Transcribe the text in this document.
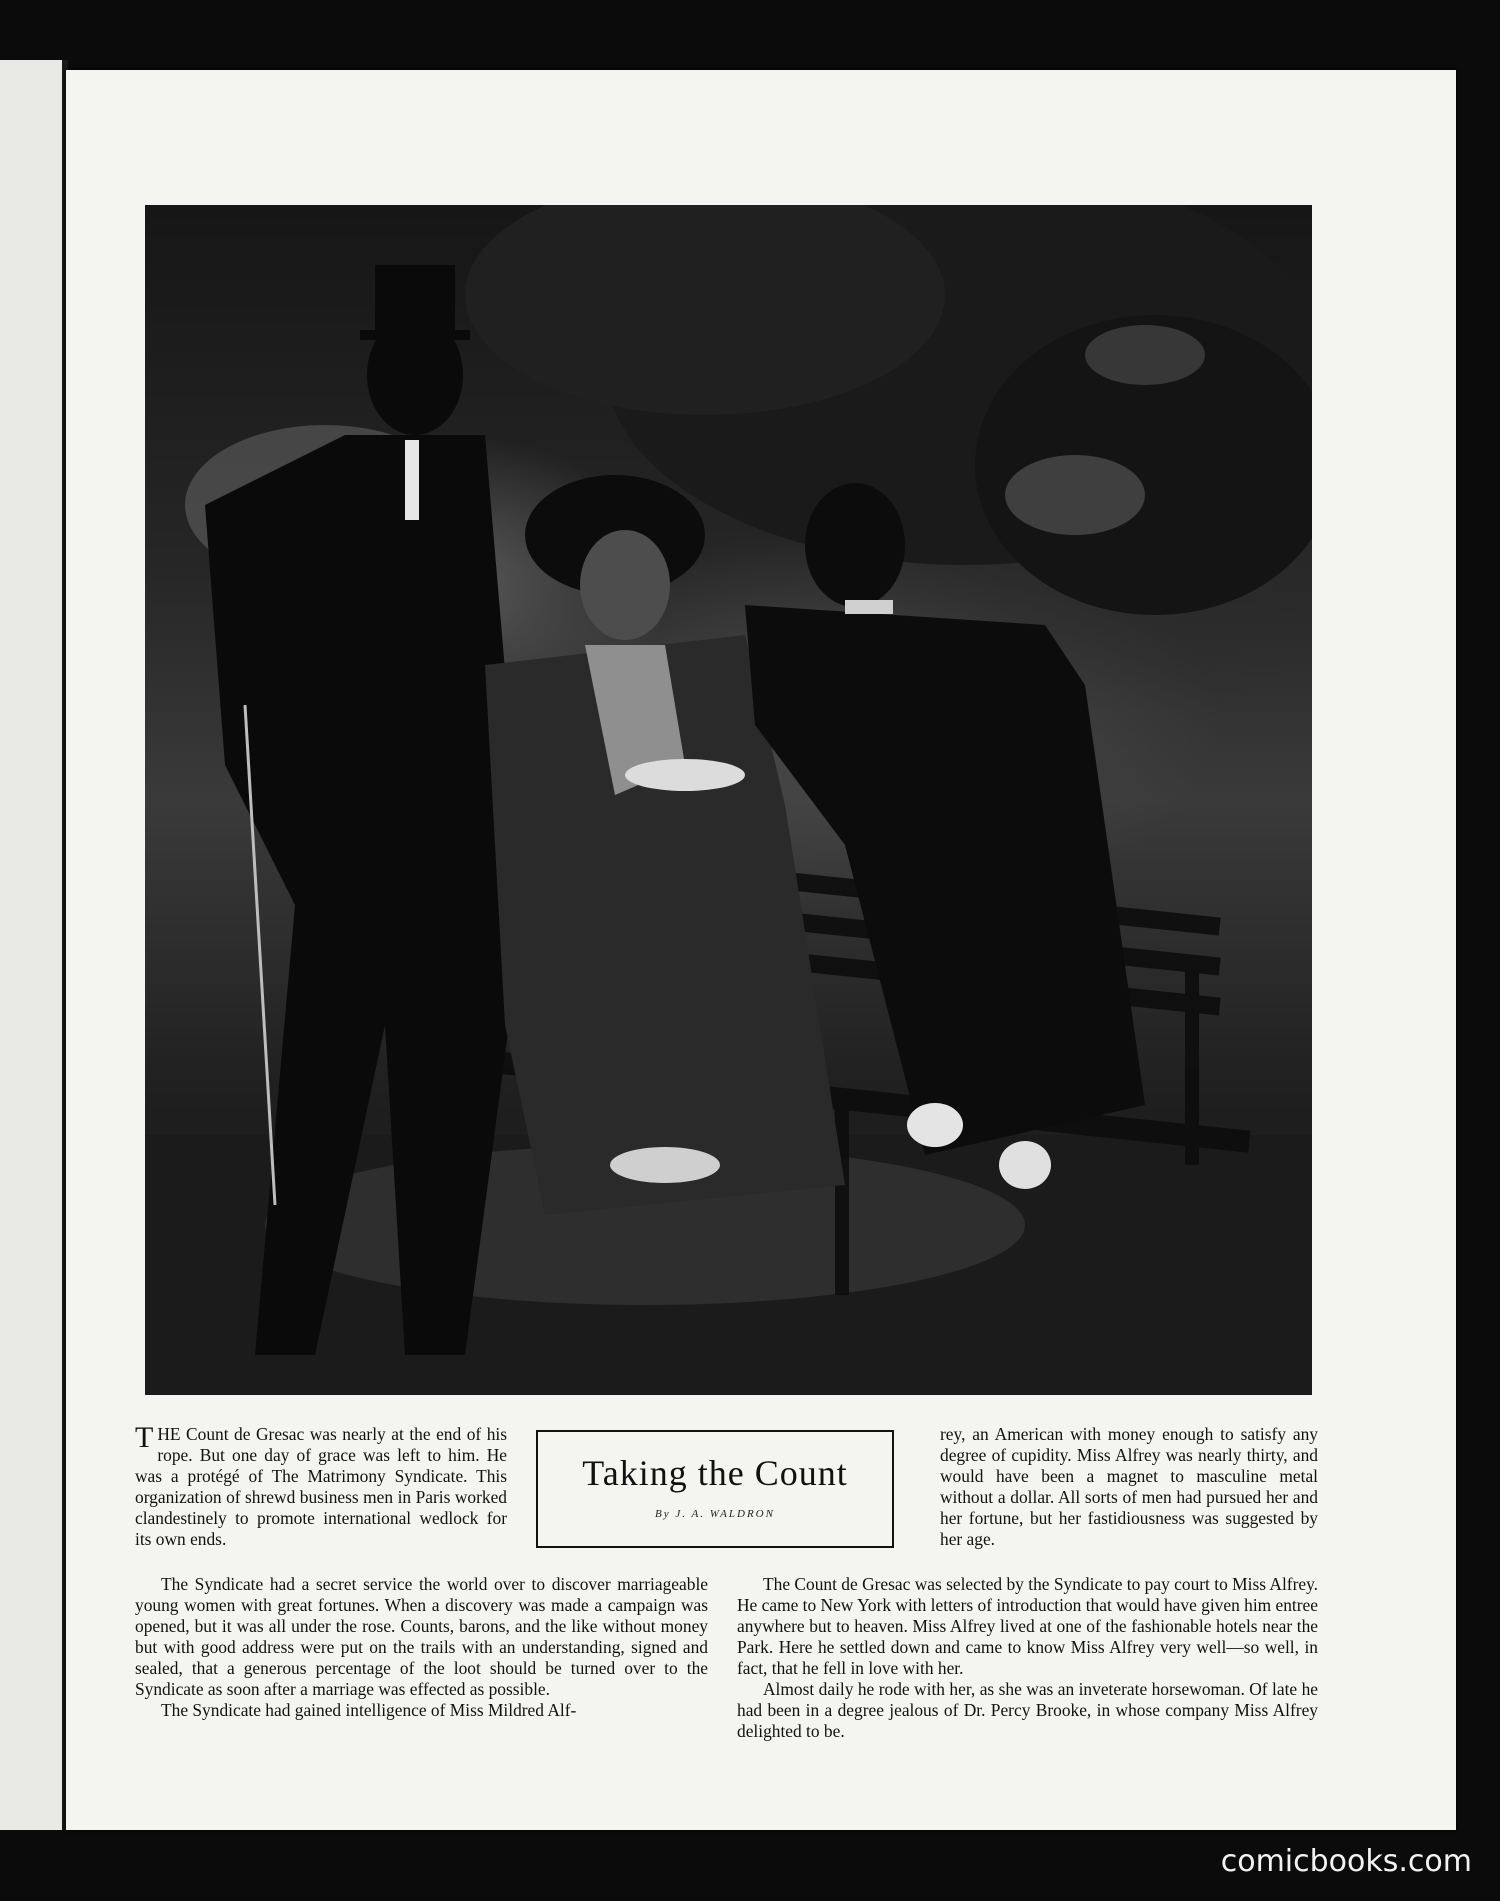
THE Count de Gresac was nearly at the end of his rope. But one day of grace was left to him. He was a protégé of The Matrimony Syndicate. This organization of shrewd business men in Paris worked clandestinely to promote international wedlock for its own ends.

Taking the Count
By J. A. WALDRON

rey, an American with money enough to satisfy any degree of cupidity. Miss Alfrey was nearly thirty, and would have been a magnet to masculine metal without a dollar. All sorts of men had pursued her and her fortune, but her fastidiousness was suggested by her age.

The Syndicate had a secret service the world over to discover marriageable young women with great fortunes. When a discovery was made a campaign was opened, but it was all under the rose. Counts, barons, and the like without money but with good address were put on the trails with an understanding, signed and sealed, that a generous percentage of the loot should be turned over to the Syndicate as soon after a marriage was effected as possible.

The Syndicate had gained intelligence of Miss Mildred Alf-

The Count de Gresac was selected by the Syndicate to pay court to Miss Alfrey. He came to New York with letters of introduction that would have given him entree anywhere but to heaven. Miss Alfrey lived at one of the fashionable hotels near the Park. Here he settled down and came to know Miss Alfrey very well—so well, in fact, that he fell in love with her.

Almost daily he rode with her, as she was an inveterate horsewoman. Of late he had been in a degree jealous of Dr. Percy Brooke, in whose company Miss Alfrey delighted to be.

comicbooks.com
